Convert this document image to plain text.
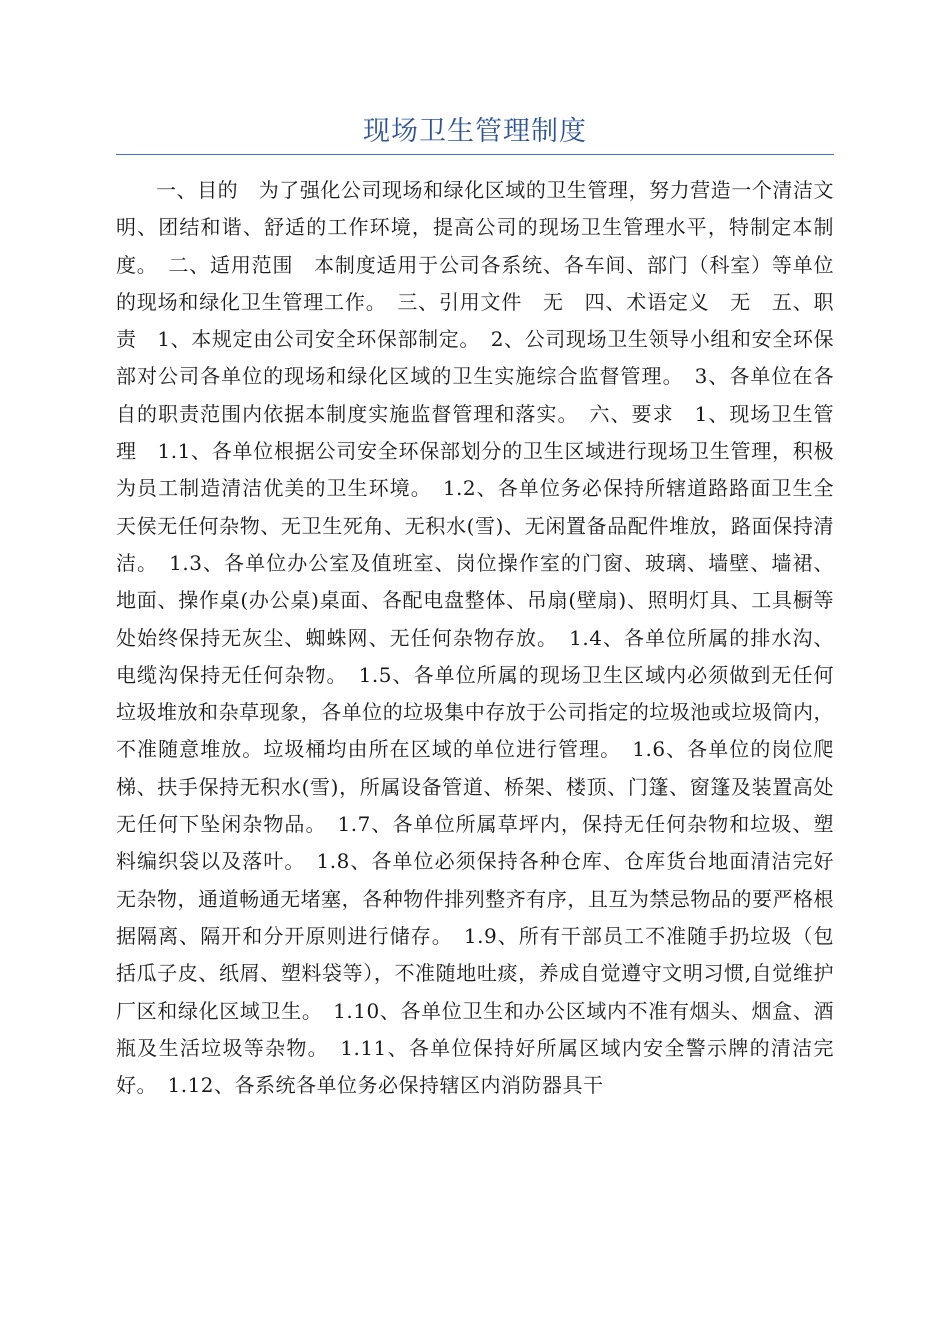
现场卫生管理制度

一、目的　为了强化公司现场和绿化区域的卫生管理，努力营造一个清洁文明、团结和谐、舒适的工作环境，提高公司的现场卫生管理水平，特制定本制度。　二、适用范围　本制度适用于公司各系统、各车间、部门（科室）等单位的现场和绿化卫生管理工作。　三、引用文件　无　四、术语定义　无　五、职责　1、本规定由公司安全环保部制定。　2、公司现场卫生领导小组和安全环保部对公司各单位的现场和绿化区域的卫生实施综合监督管理。　3、各单位在各自的职责范围内依据本制度实施监督管理和落实。　六、要求　1、现场卫生管理　1.1、各单位根据公司安全环保部划分的卫生区域进行现场卫生管理，积极为员工制造清洁优美的卫生环境。　1.2、各单位务必保持所辖道路路面卫生全天侯无任何杂物、无卫生死角、无积水(雪)、无闲置备品配件堆放，路面保持清洁。　1.3、各单位办公室及值班室、岗位操作室的门窗、玻璃、墙壁、墙裙、地面、操作桌(办公桌)桌面、各配电盘整体、吊扇(壁扇)、照明灯具、工具橱等处始终保持无灰尘、蜘蛛网、无任何杂物存放。　1.4、各单位所属的排水沟、电缆沟保持无任何杂物。　1.5、各单位所属的现场卫生区域内必须做到无任何垃圾堆放和杂草现象，各单位的垃圾集中存放于公司指定的垃圾池或垃圾筒内，不准随意堆放。垃圾桶均由所在区域的单位进行管理。　1.6、各单位的岗位爬梯、扶手保持无积水(雪)，所属设备管道、桥架、楼顶、门篷、窗篷及装置高处无任何下坠闲杂物品。　1.7、各单位所属草坪内，保持无任何杂物和垃圾、塑料编织袋以及落叶。　1.8、各单位必须保持各种仓库、仓库货台地面清洁完好无杂物，通道畅通无堵塞，各种物件排列整齐有序，且互为禁忌物品的要严格根据隔离、隔开和分开原则进行储存。　1.9、所有干部员工不准随手扔垃圾（包括瓜子皮、纸屑、塑料袋等），不准随地吐痰，养成自觉遵守文明习惯,自觉维护厂区和绿化区域卫生。　1.10、各单位卫生和办公区域内不准有烟头、烟盒、酒瓶及生活垃圾等杂物。　1.11、各单位保持好所属区域内安全警示牌的清洁完好。　1.12、各系统各单位务必保持辖区内消防器具干
